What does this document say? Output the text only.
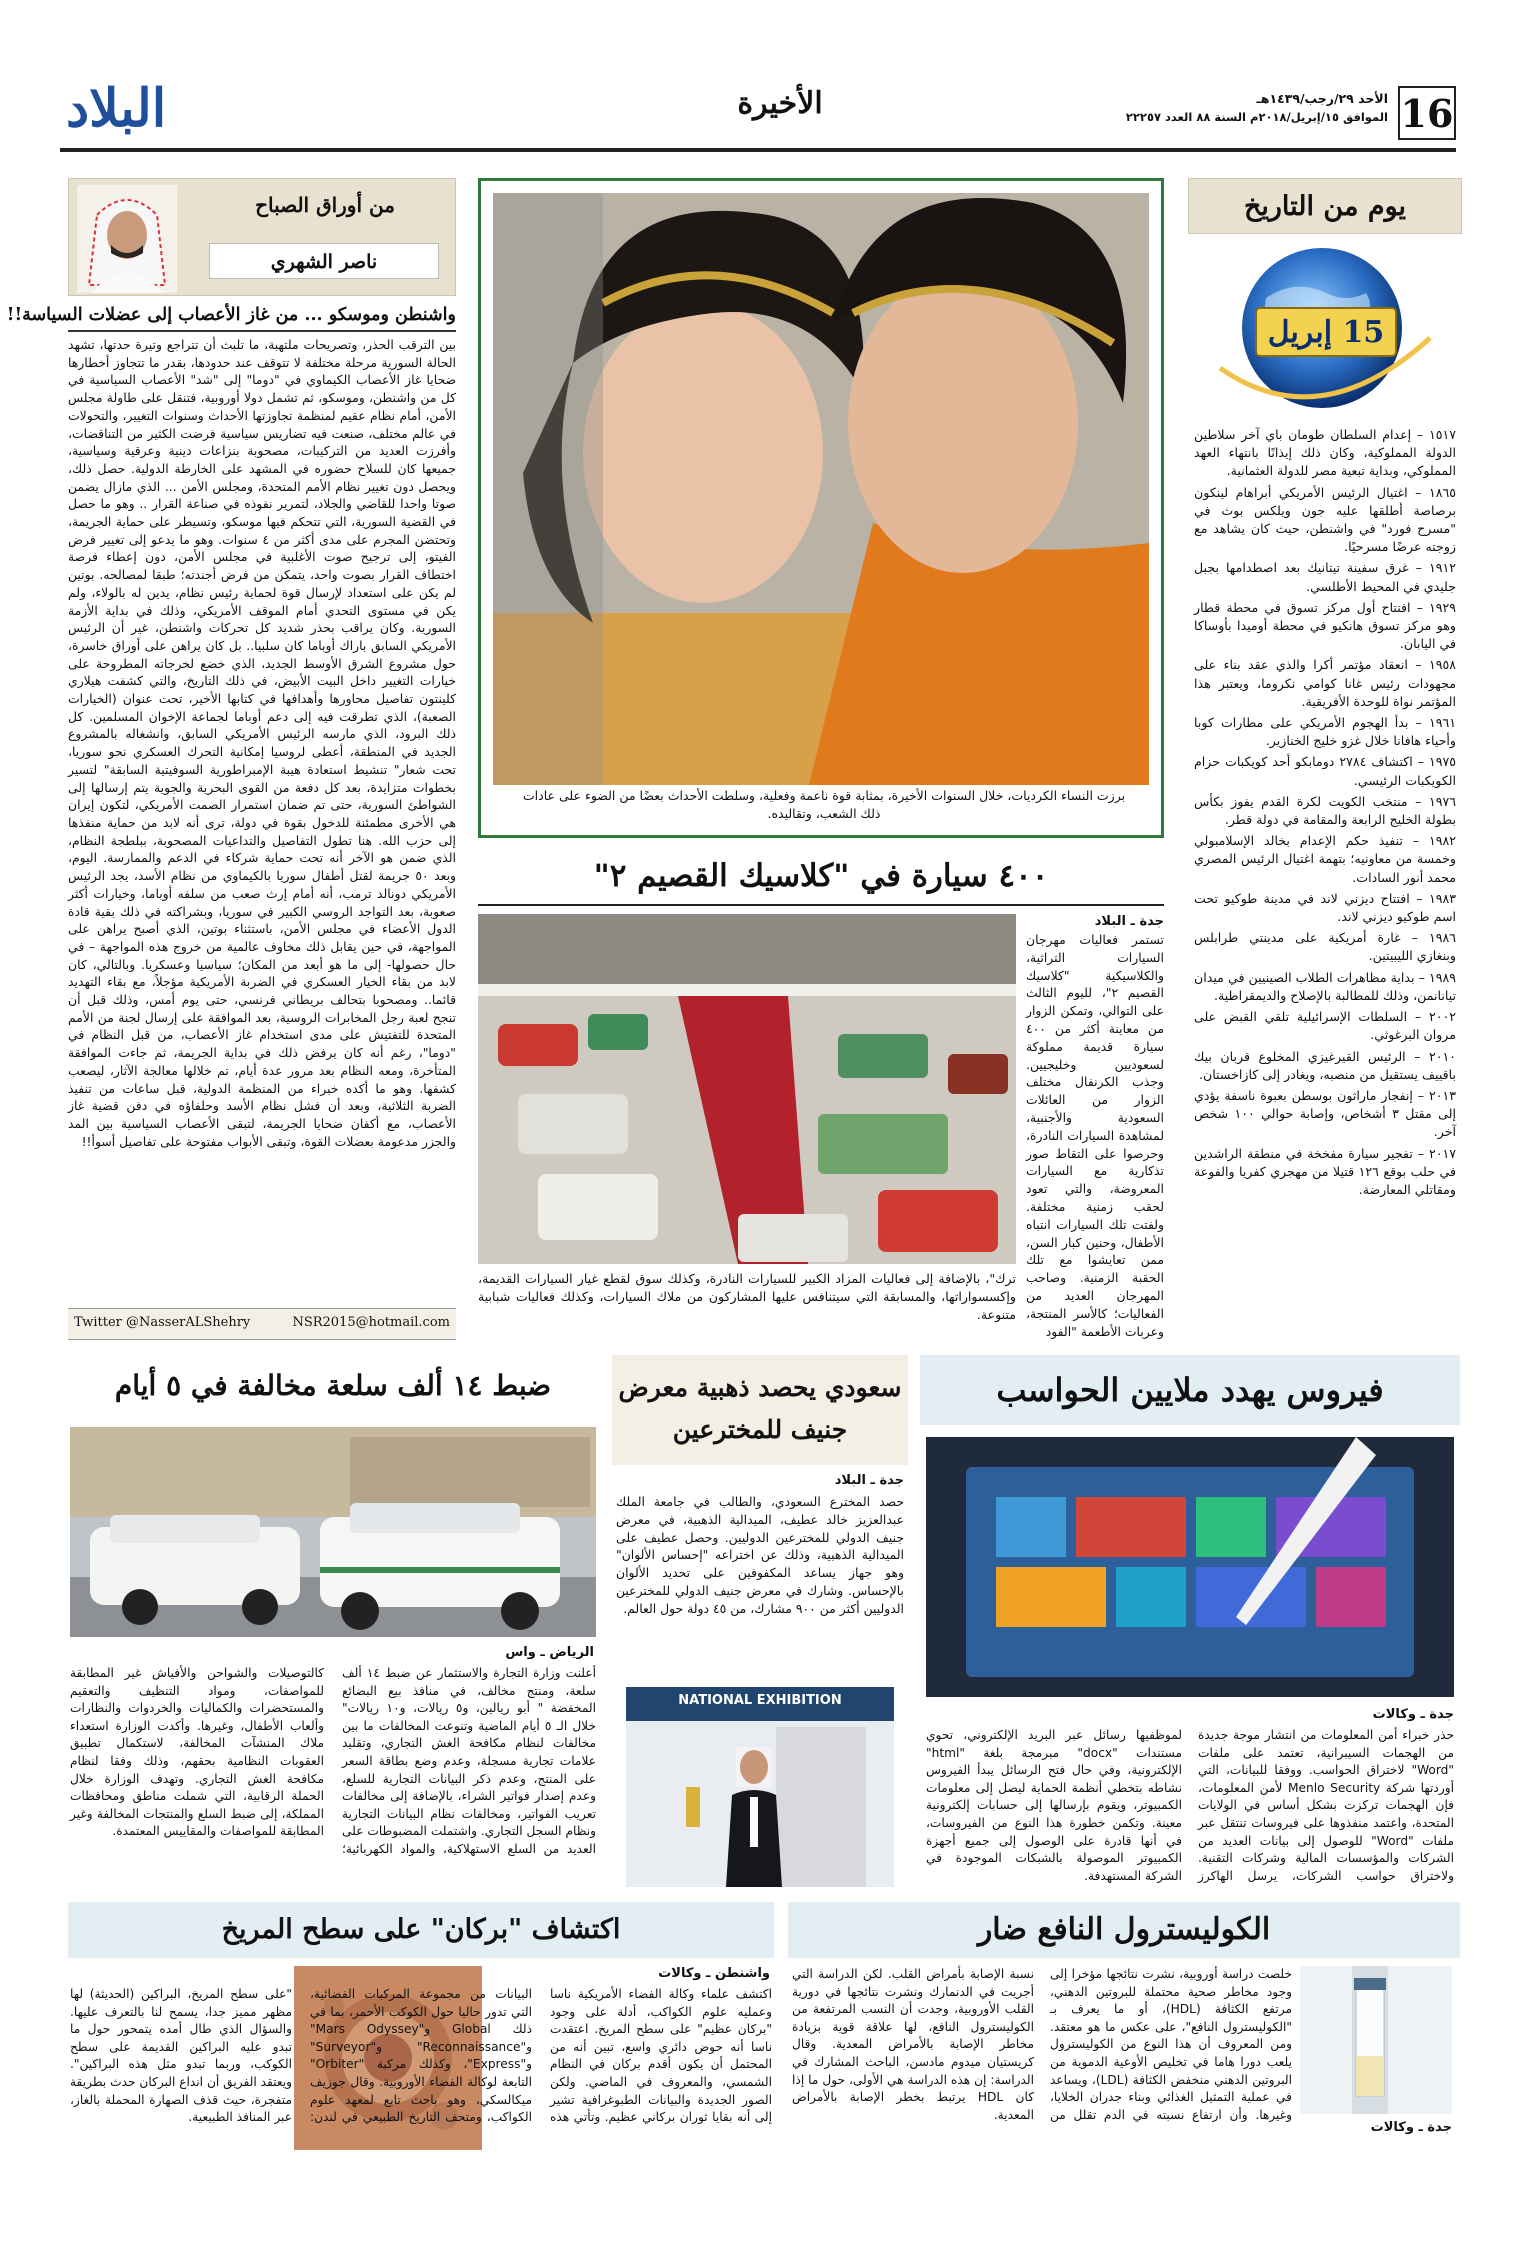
16
الأحد ٢٩/رجب/١٤٣٩هـ
الموافق ١٥/إبريل/٢٠١٨م السنة ٨٨ العدد ٢٢٢٥٧
الأخيرة
البلاد
يوم من التاريخ
15 إبريل

١٥١٧ – إعدام السلطان طومان باي آخر سلاطين الدولة المملوكية، وكان ذلك إيذانًا بانتهاء العهد المملوكي، وبداية تبعية مصر للدولة العثمانية.

١٨٦٥ – اغتيال الرئيس الأمريكي أبراهام لينكون برصاصة أطلقها عليه جون ويلكس بوث في "مسرح فورد" في واشنطن، حيث كان يشاهد مع زوجته عرضًا مسرحيًا.

١٩١٢ – غرق سفينة تيتانيك بعد اصطدامها بجبل جليدي في المحيط الأطلسي.

١٩٢٩ – افتتاح أول مركز تسوق في محطة قطار وهو مركز تسوق هانكيو في محطة أوميدا بأوساكا في اليابان.

١٩٥٨ – انعقاد مؤتمر أكرا والذي عقد بناء على مجهودات رئيس غانا كوامي نكروما، ويعتبر هذا المؤتمر نواة للوحدة الأفريقية.

١٩٦١ – بدأ الهجوم الأمريكي على مطارات كوبا وأحياء هافانا خلال غزو خليج الخنازير.

١٩٧٥ – اكتشاف ٢٧٨٤ دومابكو أحد كويكبات حزام الكويكبات الرئيسي.

١٩٧٦ – منتخب الكويت لكرة القدم يفوز بكأس بطولة الخليج الرابعة والمقامة في دولة قطر.

١٩٨٢ – تنفيذ حكم الإعدام بخالد الإسلامبولي وخمسة من معاونيه؛ بتهمة اغتيال الرئيس المصري محمد أنور السادات.

١٩٨٣ – افتتاح ديزني لاند في مدينة طوكيو تحت اسم طوكيو ديزني لاند.

١٩٨٦ – غارة أمريكية على مدينتي طرابلس وبنغازي الليبيتين.

١٩٨٩ – بداية مظاهرات الطلاب الصينيين في ميدان تيانانمن، وذلك للمطالبة بالإصلاح والديمقراطية.

٢٠٠٢ – السلطات الإسرائيلية تلقي القبض على مروان البرغوثي.

٢٠١٠ – الرئيس القيرغيزي المخلوع قربان بيك باقييف يستقيل من منصبه، ويغادر إلى كازاخستان.

٢٠١٣ – إنفجار ماراثون بوسطن بعبوة ناسفة يؤدي إلى مقتل ٣ أشخاص، وإصابة حوالي ١٠٠ شخص آخر.

٢٠١٧ – تفجير سيارة مفخخة في منطقة الراشدين في حلب بوقع ١٢٦ قتيلا من مهجري كفريا والفوعة ومقاتلي المعارضة.

برزت النساء الكرديات، خلال السنوات الأخيرة، بمثابة قوة ناعمة وفعلية، وسلطت الأحداث بعضًا من الضوء على عادات ذلك الشعب، وتقاليده.
من أوراق الصباح
ناصر الشهري
واشنطن وموسكو ... من غاز الأعصاب إلى عضلات السياسة!!

بين الترقب الحذر، وتصريحات ملتهبة، ما تلبث أن تتراجع وتيرة حدتها، تشهد الحالة السورية مرحلة مختلفة لا تتوقف عند حدودها، بقدر ما تتجاوز أخطارها ضحايا غاز الأعصاب الكيماوي في "دوما" إلى "شد" الأعصاب السياسية في كل من واشنطن، وموسكو، ثم تشمل دولا أوروبية، فتنقل على طاولة مجلس الأمن، أمام نظام عقيم لمنظمة تجاوزتها الأحداث وسنوات التغيير، والتحولات في عالم مختلف، صنعت فيه تضاريس سياسية فرضت الكثير من التناقضات، وأفرزت العديد من التركيبات، مصحوبة بنزاعات دينية وعرقية وسياسية، جميعها كان للسلاح حضوره في المشهد على الخارطة الدولية. حصل ذلك، ويحصل دون تغيير نظام الأمم المتحدة، ومجلس الأمن ... الذي مازال يضمن صوتا واحدا للقاضي والجلاد، لتمرير نفوذه في صناعة القرار .. وهو ما حصل في القضية السورية، التي تتحكم فيها موسكو، وتسيطر على حماية الجريمة، وتحتضن المجرم على مدى أكثر من ٤ سنوات. وهو ما يدعو إلى تغيير فرض الفيتو، إلى ترجيح صوت الأغلبية في مجلس الأمن، دون إعطاء فرصة اختطاف القرار بصوت واحد، يتمكن من فرض أجندته؛ طبقا لمصالحه. بوتين لم يكن على استعداد لإرسال قوة لحماية رئيس نظام، يدين له بالولاء، ولم يكن في مستوى التحدي أمام الموقف الأمريكي، وذلك في بداية الأزمة السورية. وكان يراقب بحذر شديد كل تحركات واشنطن، غير أن الرئيس الأمريكي السابق باراك أوباما كان سلبيا.. بل كان يراهن على أوراق خاسرة، حول مشروع الشرق الأوسط الجديد، الذي خضع لخرجاته المطروحة على خيارات التغيير داخل البيت الأبيض، في ذلك التاريخ، والتي كشفت هيلاري كلينتون تفاصيل محاورها وأهدافها في كتابها الأخير، تحت عنوان (الخيارات الصعبة)، الذي تطرقت فيه إلى دعم أوباما لجماعة الإخوان المسلمين. كل ذلك البرود، الذي مارسه الرئيس الأمريكي السابق، وانشغاله بالمشروع الجديد في المنطقة، أعطى لروسيا إمكانية التحرك العسكري نحو سوريا، تحت شعار" تنشيط استعادة هيبة الإمبراطورية السوفيتية السابقة" لتسير بخطوات متزايدة، بعد كل دفعة من القوى البحرية والجوية يتم إرسالها إلى الشواطئ السورية، حتى تم ضمان استمرار الصمت الأمريكي، لتكون إيران هي الأخرى مطمئنة للدخول بقوة في دولة، ترى أنه لابد من حماية منفذها إلى حزب الله. هنا تطول التفاصيل والتداعيات المصحوبة، ببلطجة النظام، الذي ضمن هو الآخر أنه تحت حماية شركاء في الدعم والممارسة. اليوم، وبعد ٥٠ جريمة لقتل أطفال سوريا بالكيماوي من نظام الأسد، يجد الرئيس الأمريكي دونالد ترمب، أنه أمام إرث صعب من سلفه أوباما، وخيارات أكثر صعوبة، بعد التواجد الروسي الكبير في سوريا، وبشراكته في ذلك بقية قادة الدول الأعضاء في مجلس الأمن، باستثناء بوتين، الذي أصبح يراهن على المواجهة، في حين يقابل ذلك مخاوف عالمية من خروج هذه المواجهة – في حال حصولها- إلى ما هو أبعد من المكان؛ سياسيا وعسكريا. وبالتالي، كان لابد من بقاء الخيار العسكري في الضربة الأمريكية مؤجلاً، مع بقاء التهديد قائما.. ومصحوبا بتحالف بريطاني فرنسي، حتى يوم أمس، وذلك قبل أن تنجح لعبة رجل المخابرات الروسية، بعد الموافقة على إرسال لجنة من الأمم المتحدة للتفتيش على مدى استخدام غاز الأعصاب، من قبل النظام في "دوما"، رغم أنه كان يرفض ذلك في بداية الجريمة، ثم جاءت الموافقة المتأخرة، ومعه النظام بعد مرور عدة أيام، تم خلالها معالجة الآثار، ليصعب كشفها. وهو ما أكده خبراء من المنظمة الدولية، قبل ساعات من تنفيذ الضربة الثلاثية، وبعد أن فشل نظام الأسد وحلفاؤه في دفن قضية غاز الأعصاب، مع أكفان ضحايا الجريمة، لتبقى الأعصاب السياسية بين المد والجزر مدعومة بعضلات القوة، وتبقى الأبواب مفتوحة على تفاصيل أسوأ!!

NSR2015@hotmail.com
Twitter @NasserALShehry
٤٠٠ سيارة في "كلاسيك القصيم ٢"
جدة ـ البلاد

تستمر فعاليات مهرجان السيارات التراثية، والكلاسيكية "كلاسيك القصيم ٢"، لليوم الثالث على التوالي، وتمكن الزوار من معاينة أكثر من ٤٠٠ سيارة قديمة مملوكة لسعوديين وخليجيين. وجذب الكرنفال مختلف الزوار من العائلات السعودية والأجنبية، لمشاهدة السيارات النادرة، وحرصوا على التقاط صور تذكارية مع السيارات المعروضة، والتي تعود لحقب زمنية مختلفة. ولفتت تلك السيارات انتباه الأطفال، وحنين كبار السن، ممن تعايشوا مع تلك الحقبة الزمنية. وصاحب المهرجان العديد من الفعاليات؛ كالأسر المنتجة، وعربات الأطعمة "الفود

ترك"، بالإضافة إلى فعاليات المزاد الكبير للسيارات النادرة، وكذلك سوق لقطع غيار السيارات القديمة، وإكسسواراتها، والمسابقة التي سيتنافس عليها المشاركون من ملاك السيارات، وكذلك فعاليات شبابية متنوعة.

فيروس يهدد ملايين الحواسب
جدة ـ وكالات

حذر خبراء أمن المعلومات من انتشار موجة جديدة من الهجمات السيبرانية، تعتمد على ملفات "Word" لاختراق الحواسب. ووفقا للبيانات، التي أوردتها شركة Menlo Security لأمن المعلومات، فإن الهجمات تركزت بشكل أساس في الولايات المتحدة، واعتمد منفذوها على فيروسات تنتقل عبر ملفات "Word" للوصول إلى بيانات العديد من الشركات والمؤسسات المالية وشركات التقنية. ولاختراق حواسب الشركات، يرسل الهاكرز لموظفيها رسائل عبر البريد الإلكتروني، تحوي مستندات "docx" مبرمجة بلغة "html" الإلكترونية، وفي حال فتح الرسائل يبدأ الفيروس نشاطه بتخطي أنظمة الحماية ليصل إلى معلومات الكمبيوتر، ويقوم بإرسالها إلى حسابات إلكترونية معينة. وتكمن خطورة هذا النوع من الفيروسات، في أنها قادرة على الوصول إلى جميع أجهزة الكمبيوتر الموصولة بالشبكات الموجودة في الشركة المستهدفة.

سعودي يحصد ذهبية معرض جنيف للمخترعين
جدة ـ البلاد

حصد المخترع السعودي، والطالب في جامعة الملك عبدالعزيز خالد عطيف، الميدالية الذهبية، في معرض جنيف الدولي للمخترعين الدوليين. وحصل عطيف على الميدالية الذهبية، وذلك عن اختراعه "إحساس الألوان" وهو جهاز يساعد المكفوفين على تحديد الألوان بالإحساس. وشارك في معرض جنيف الدولي للمخترعين الدوليين أكثر من ٩٠٠ مشارك، من ٤٥ دولة حول العالم.

NATIONAL EXHIBITION
ضبط ١٤ ألف سلعة مخالفة في ٥ أيام
الرياض ـ واس

أعلنت وزارة التجارة والاستثمار عن ضبط ١٤ ألف سلعة، ومنتج مخالف، في منافذ بيع البضائع المخفضة " أبو ريالين، و٥ ريالات، و١٠ ريالات" خلال الـ ٥ أيام الماضية وتنوعت المخالفات ما بين مخالفات لنظام مكافحة الغش التجاري، وتقليد علامات تجارية مسجلة، وعدم وضع بطاقة السعر على المنتج، وعدم ذكر البيانات التجارية للسلع، وعدم إصدار فواتير الشراء، بالإضافة إلى مخالفات تعريب الفواتير، ومخالفات نظام البيانات التجارية ونظام السجل التجاري. واشتملت المضبوطات على العديد من السلع الاستهلاكية، والمواد الكهربائية؛ كالتوصيلات والشواحن والأفياش غير المطابقة للمواصفات، ومواد التنظيف والتعقيم والمستحضرات والكماليات والخردوات والنظارات وألعاب الأطفال، وغيرها. وأكدت الوزارة استعداء ملاك المنشآت المخالفة، لاستكمال تطبيق العقوبات النظامية بحقهم، وذلك وفقا لنظام مكافحة الغش التجاري. وتهدف الوزارة خلال الحملة الرقابية، التي شملت مناطق ومحافظات المملكة، إلى ضبط السلع والمنتجات المخالفة وغير المطابقة للمواصفات والمقاييس المعتمدة.

الكوليسترول النافع ضار
جدة ـ وكالات

خلصت دراسة أوروبية، نشرت نتائجها مؤخرا إلى وجود مخاطر صحية محتملة للبروتين الدهني، مرتفع الكثافة (HDL)، أو ما يعرف بـ "الكوليسترول النافع"، على عكس ما هو معتقد. ومن المعروف أن هذا النوع من الكوليسترول يلعب دورا هاما في تخليص الأوعية الدموية من البروتين الدهني منخفض الكثافة (LDL)، ويساعد في عملية التمثيل الغذائي وبناء جدران الخلايا، وغيرها. وأن ارتفاع نسبته في الدم تقلل من نسبة الإصابة بأمراض القلب. لكن الدراسة التي أجريت في الدنمارك ونشرت نتائجها في دورية القلب الأوروبية، وجدت أن النسب المرتفعة من الكوليسترول النافع، لها علاقة قوية بزيادة مخاطر الإصابة بالأمراض المعدية. وقال كريستيان ميدوم مادسن، الباحث المشارك في الدراسة: إن هذه الدراسة هي الأولى، حول ما إذا كان HDL يرتبط بخطر الإصابة بالأمراض المعدية.

اكتشاف "بركان" على سطح المريخ
واشنطن ـ وكالات

اكتشف علماء وكالة الفضاء الأمريكية ناسا وعمليه علوم الكواكب، أدلة على وجود "بركان عظيم" على سطح المريخ. اعتقدت ناسا أنه حوض دائري واسع، تبين أنه من المحتمل أن يكون أقدم بركان في النظام الشمسي، والمعروف في الماضي. ولكن الصور الجديدة والبيانات الطبوغرافية تشير إلى أنه بقايا ثوران بركاني عظيم. وتأتي هذه البيانات من مجموعة المركبات الفضائية، التي تدور حاليا حول الكوكب الأحمر، بما في ذلك Global و"Mars Odyssey" و"Reconnaissance" و"Surveyor" و"Express"، وكذلك مركبة "Orbiter" التابعة لوكالة الفضاء الأوروبية. وقال جوزيف ميكالسكي، وهو باحث تابع لمعهد علوم الكواكب، ومتحف التاريخ الطبيعي في لندن: "على سطح المريخ، البراكين (الحديثة) لها مظهر مميز جدا، يسمح لنا بالتعرف عليها. والسؤال الذي طال أمده يتمحور حول ما تبدو عليه البراكين القديمة على سطح الكوكب، وربما تبدو مثل هذه البراكين". ويعتقد الفريق أن انداع البركان حدث بطريقة متفجرة، حيث قذف الصهارة المحملة بالغاز، عبر المنافذ الطبيعية.
